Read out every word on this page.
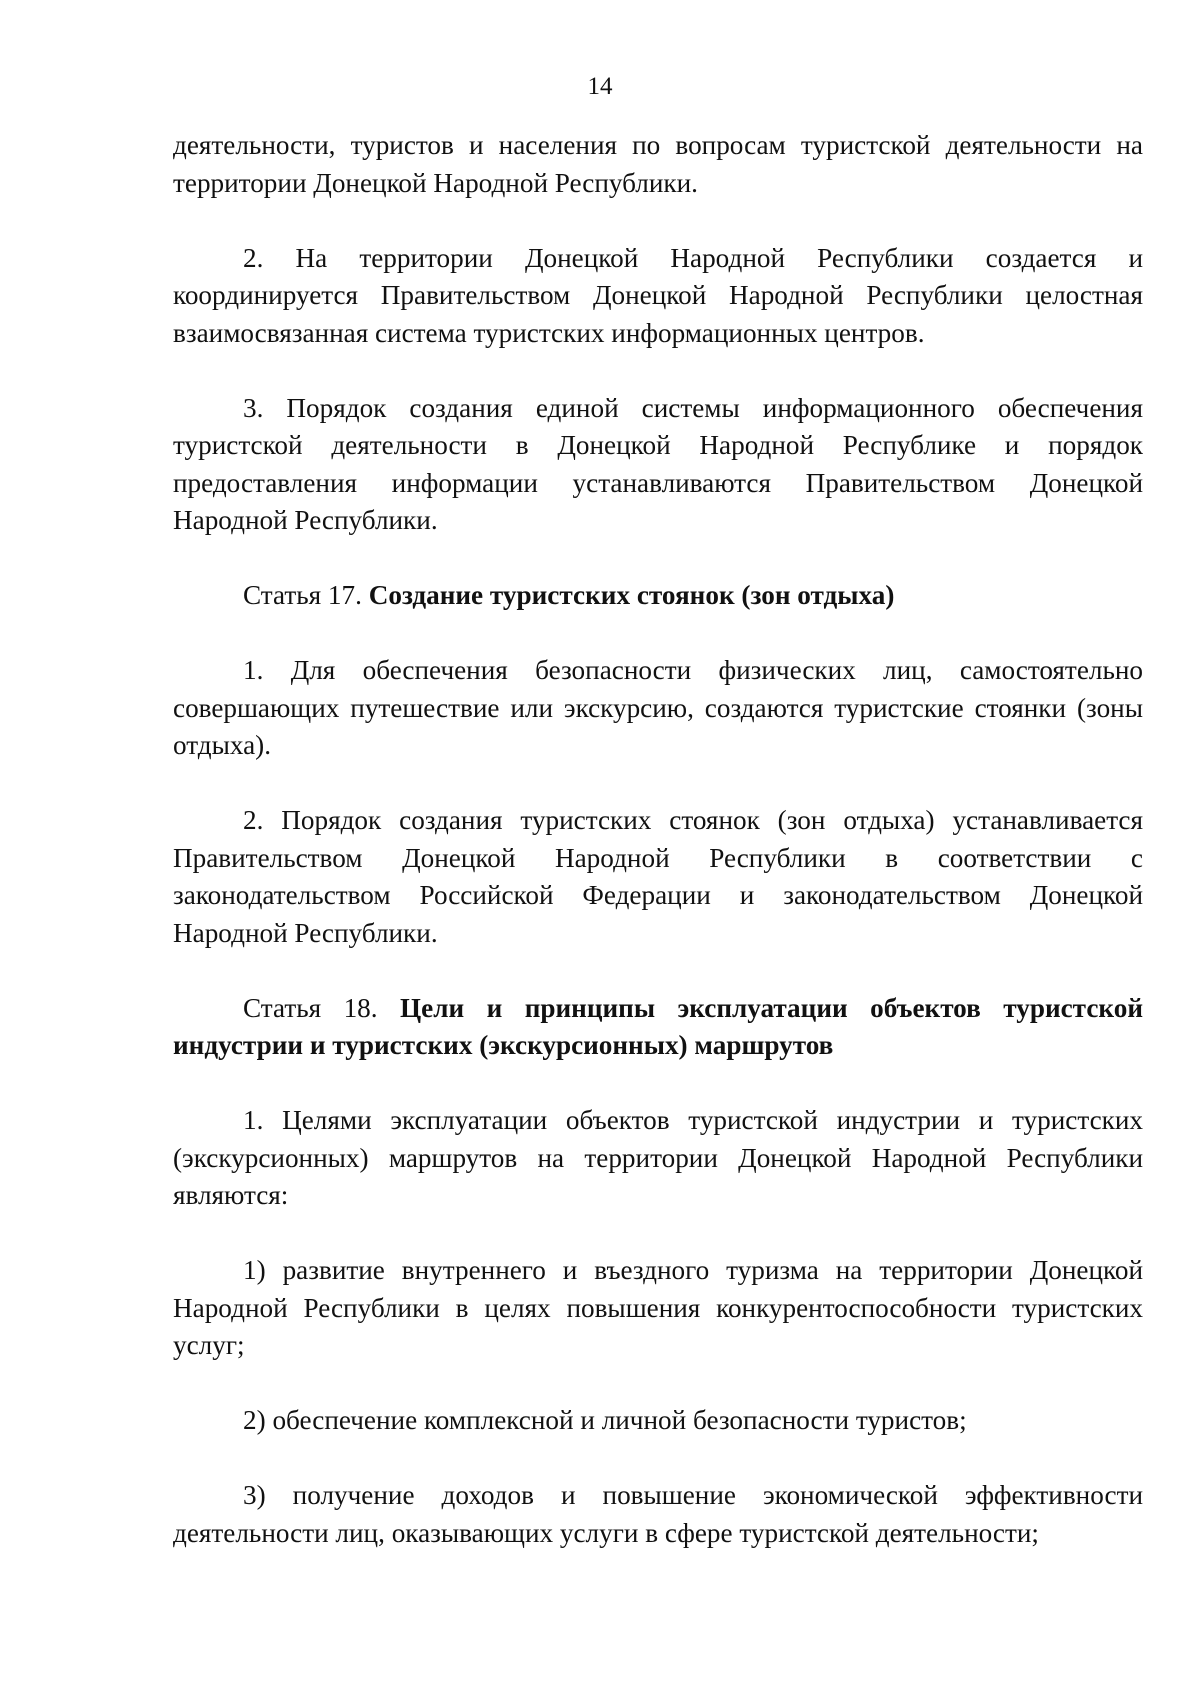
14

деятельности, туристов и населения по вопросам туристской деятельности на территории Донецкой Народной Республики.

2. На территории Донецкой Народной Республики создается и координируется Правительством Донецкой Народной Республики целостная взаимосвязанная система туристских информационных центров.

3. Порядок создания единой системы информационного обеспечения туристской деятельности в Донецкой Народной Республике и порядок предоставления информации устанавливаются Правительством Донецкой Народной Республики.

Статья 17. Создание туристских стоянок (зон отдыха)

1. Для обеспечения безопасности физических лиц, самостоятельно совершающих путешествие или экскурсию, создаются туристские стоянки (зоны отдыха).

2. Порядок создания туристских стоянок (зон отдыха) устанавливается Правительством Донецкой Народной Республики в соответствии с законодательством Российской Федерации и законодательством Донецкой Народной Республики.

Статья 18. Цели и принципы эксплуатации объектов туристской индустрии и туристских (экскурсионных) маршрутов

1. Целями эксплуатации объектов туристской индустрии и туристских (экскурсионных) маршрутов на территории Донецкой Народной Республики являются:

1) развитие внутреннего и въездного туризма на территории Донецкой Народной Республики в целях повышения конкурентоспособности туристских услуг;

2) обеспечение комплексной и личной безопасности туристов;

3) получение доходов и повышение экономической эффективности деятельности лиц, оказывающих услуги в сфере туристской деятельности;
